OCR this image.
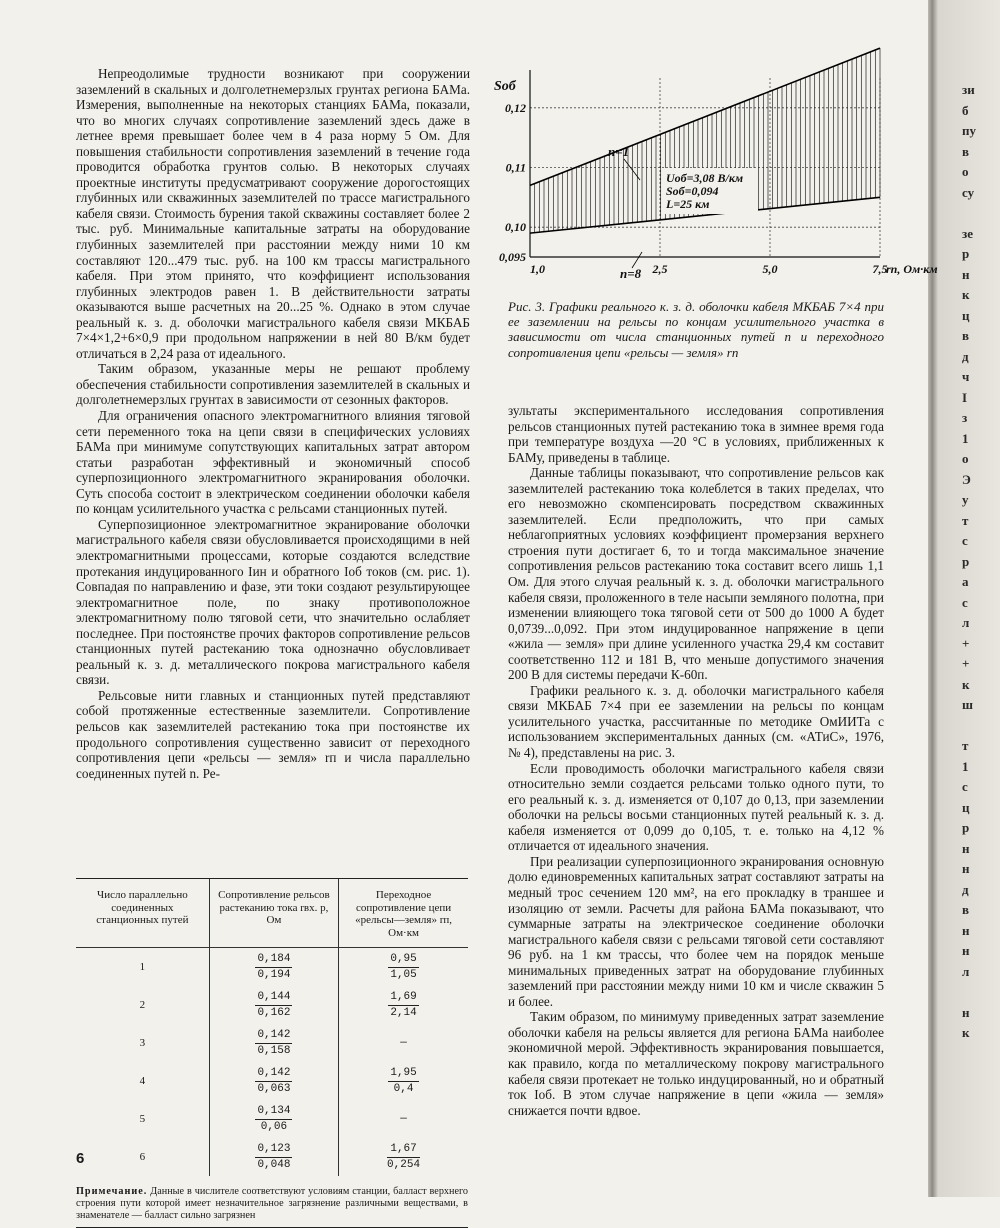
зи
б
пу
в
о
су

зе
р
н
к
ц
в
д
ч
I
з
1
о
Э
у
т
с
р
а
с
л
+
+
к
ш

т
1
с
ц
р
н
н
д
в
н
н
л

н
к

Непреодолимые трудности возникают при сооружении заземлений в скальных и долголетнемерзлых грунтах региона БАМа. Измерения, выполненные на некоторых станциях БАМа, показали, что во многих случаях сопротивление заземлений здесь даже в летнее время превышает более чем в 4 раза норму 5 Ом. Для повышения стабильности сопротивления заземлений в течение года проводится обработка грунтов солью. В некоторых случаях проектные институты предусматривают сооружение дорогостоящих глубинных или скважинных заземлителей по трассе магистрального кабеля связи. Стоимость бурения такой скважины составляет более 2 тыс. руб. Минимальные капитальные затраты на оборудование глубинных заземлителей при расстоянии между ними 10 км составляют 120...479 тыс. руб. на 100 км трассы магистрального кабеля. При этом принято, что коэффициент использования глубинных электродов равен 1. В действительности затраты оказываются выше расчетных на 20...25 %. Однако в этом случае реальный к. з. д. оболочки магистрального кабеля связи МКБАБ 7×4×1,2+6×0,9 при продольном напряжении в ней 80 В/км будет отличаться в 2,24 раза от идеального.

Таким образом, указанные меры не решают проблему обеспечения стабильности сопротивления заземлителей в скальных и долголетнемерзлых грунтах в зависимости от сезонных факторов.

Для ограничения опасного электромагнитного влияния тяговой сети переменного тока на цепи связи в специфических условиях БАМа при минимуме сопутствующих капитальных затрат автором статьи разработан эффективный и экономичный способ суперпозиционного электромагнитного экранирования оболочки. Суть способа состоит в электрическом соединении оболочки кабеля по концам усилительного участка с рельсами станционных путей.

Суперпозиционное электромагнитное экранирование оболочки магистрального кабеля связи обусловливается происходящими в ней электромагнитными процессами, которые создаются вследствие протекания индуцированного Iин и обратного Iоб токов (см. рис. 1). Совпадая по направлению и фазе, эти токи создают результирующее электромагнитное поле, по знаку противоположное электромагнитному полю тяговой сети, что значительно ослабляет последнее. При постоянстве прочих факторов сопротивление рельсов станционных путей растеканию тока однозначно обусловливает реальный к. з. д. металлического покрова магистрального кабеля связи.

Рельсовые нити главных и станционных путей представляют собой протяженные естественные заземлители. Сопротивление рельсов как заземлителей растеканию тока при постоянстве их продольного сопротивления существенно зависит от переходного сопротивления цепи «рельсы — земля» rп и числа параллельно соединенных путей n. Ре-

Uоб=3,08 В/км
Sоб=0,094
L=25 км
n=1
n=8
Sоб
0,095
0,10
0,11
0,12
1,0	2,5	5,0	7,5
rп, Ом·км
Рис. 3. Графики реального к. з. д. оболочки кабеля МКБАБ 7×4 при ее заземлении на рельсы по концам усилительного участка в зависимости от числа станционных путей n и переходного сопротивления цепи «рельсы — земля» rп

зультаты экспериментального исследования сопротивления рельсов станционных путей растеканию тока в зимнее время года при температуре воздуха —20 °С в условиях, приближенных к БАМу, приведены в таблице.

Данные таблицы показывают, что сопротивление рельсов как заземлителей растеканию тока колеблется в таких пределах, что его невозможно скомпенсировать посредством скважинных заземлителей. Если предположить, что при самых неблагоприятных условиях коэффициент промерзания верхнего строения пути достигает 6, то и тогда максимальное значение сопротивления рельсов растеканию тока составит всего лишь 1,1 Ом. Для этого случая реальный к. з. д. оболочки магистрального кабеля связи, проложенного в теле насыпи земляного полотна, при изменении влияющего тока тяговой сети от 500 до 1000 А будет 0,0739...0,092. При этом индуцированное напряжение в цепи «жила — земля» при длине усиленного участка 29,4 км составит соответственно 112 и 181 В, что меньше допустимого значения 200 В для системы передачи К-60п.

Графики реального к. з. д. оболочки магистрального кабеля связи МКБАБ 7×4 при ее заземлении на рельсы по концам усилительного участка, рассчитанные по методике ОмИИТа с использованием экспериментальных данных (см. «АТиС», 1976, № 4), представлены на рис. 3.

Если проводимость оболочки магистрального кабеля связи относительно земли создается рельсами только одного пути, то его реальный к. з. д. изменяется от 0,107 до 0,13, при заземлении оболочки на рельсы восьми станционных путей реальный к. з. д. кабеля изменяется от 0,099 до 0,105, т. е. только на 4,12 % отличается от идеального значения.

При реализации суперпозиционного экранирования основную долю единовременных капитальных затрат составляют затраты на медный трос сечением 120 мм², на его прокладку в траншее и изоляцию от земли. Расчеты для района БАМа показывают, что суммарные затраты на электрическое соединение оболочки магистрального кабеля связи с рельсами тяговой сети составляют 96 руб. на 1 км трассы, что более чем на порядок меньше минимальных приведенных затрат на оборудование глубинных заземлений при расстоянии между ними 10 км и числе скважин 5 и более.

Таким образом, по минимуму приведенных затрат заземление оболочки кабеля на рельсы является для региона БАМа наиболее экономичной мерой. Эффективность экранирования повышается, как правило, когда по металлическому покрову магистрального кабеля связи протекает не только индуцированный, но и обратный ток Iоб. В этом случае напряжение в цепи «жила — земля» снижается почти вдвое.

Число параллельно соединенных станционных путей	Сопротивление рельсов растеканию тока rвх. р, Ом	Переходное сопротивление цепи «рельсы—земля» rп, Ом·км
1	$\frac{0,184}{0,194}$	$\frac{0,95}{1,05}$

2	$\frac{0,144}{0,162}$	$\frac{1,69}{2,14}$

3	$\frac{0,142}{0,158}$	—
4	$\frac{0,142}{0,063}$	$\frac{1,95}{0,4}$

5	$\frac{0,134}{0,06}$	—
6	$\frac{0,123}{0,048}$	$\frac{1,67}{0,254}$
Примечание. Данные в числителе соответствуют условиям станции, балласт верхнего строения пути которой имеет незначительное загрязнение различными веществами, в знаменателе — балласт сильно загрязнен
6
